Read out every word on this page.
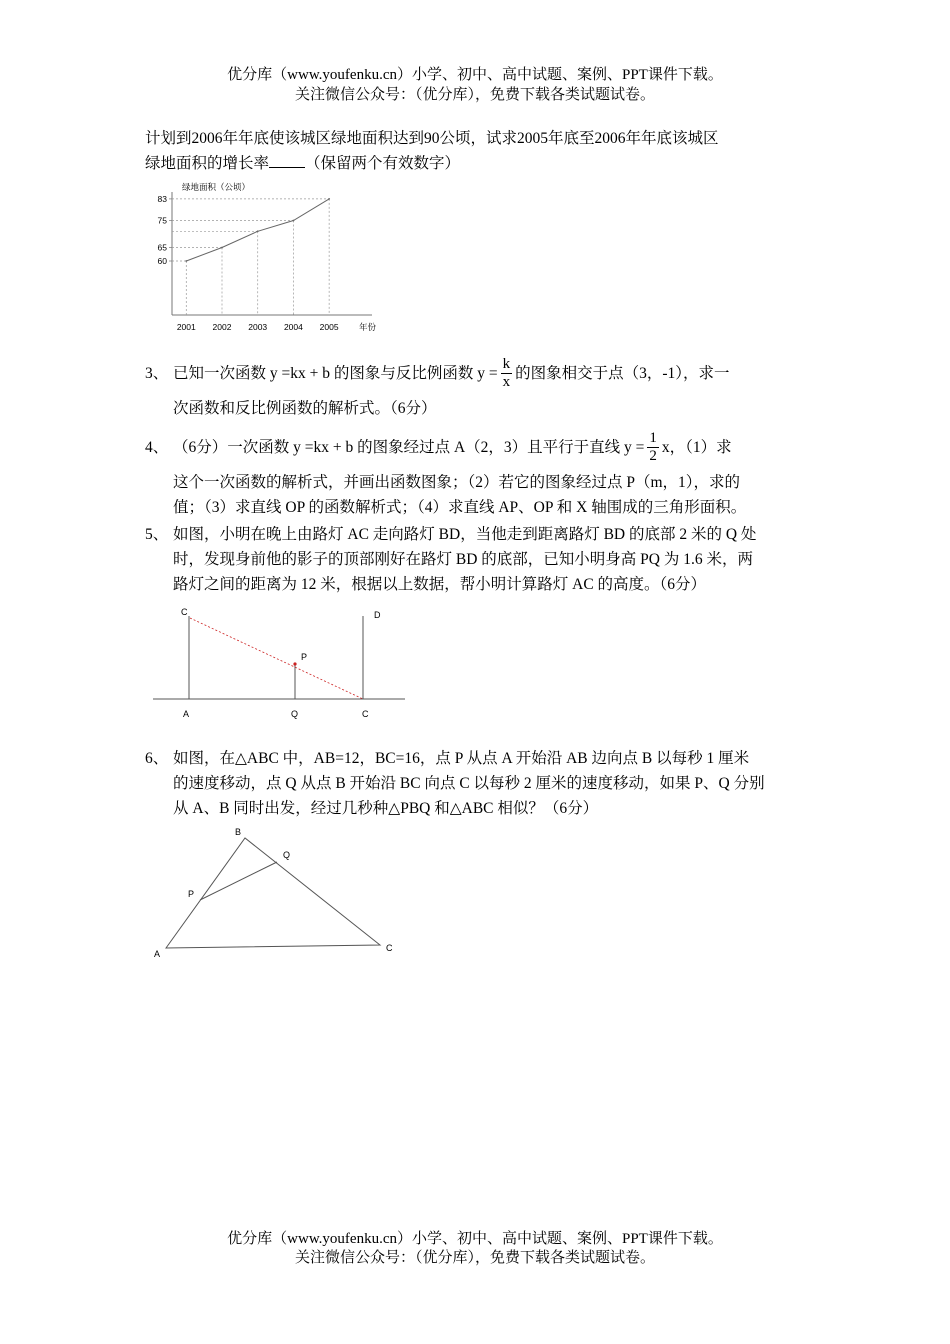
优分库（www.youfenku.cn）小学、初中、高中试题、案例、PPT课件下载。
关注微信公众号：（优分库），免费下载各类试题试卷。
计划到2006年年底使该城区绿地面积达到90公顷，试求2005年底至2006年年底该城区
绿地面积的增长率 （保留两个有效数字）
绿地面积（公顷）
年份
83
75
65
60
2001 2002 2003 2004 2005
3、 已知一次函数 y =kx + b 的图象与反比例函数 $y = \frac{k}{x}$ 的图象相交于点（3，-1），求一
次函数和反比例函数的解析式。（6分）
4、 （6分）一次函数 y =kx + b 的图象经过点 A（2，3）且平行于直线 $y = \frac{1}{2}$ x，（1）求
这个一次函数的解析式，并画出函数图象；（2）若它的图象经过点 P（m，1），求的
值；（3）求直线 OP 的函数解析式；（4）求直线 AP、OP 和 X 轴围成的三角形面积。
5、 如图，小明在晚上由路灯 AC 走向路灯 BD，当他走到距离路灯 BD 的底部 2 米的 Q 处
时，发现身前他的影子的顶部刚好在路灯 BD 的底部，已知小明身高 PQ 为 1.6 米，两
路灯之间的距离为 12 米，根据以上数据，帮小明计算路灯 AC 的高度。（6分）
C	D
P
A	Q	C
6、 如图，在△ABC 中，AB=12，BC=16，点 P 从点 A 开始沿 AB 边向点 B 以每秒 1 厘米
的速度移动，点 Q 从点 B 开始沿 BC 向点 C 以每秒 2 厘米的速度移动，如果 P、Q 分别
从 A、B 同时出发，经过几秒种△PBQ 和△ABC 相似？（6分）
B
Q
P
A
C
优分库（www.youfenku.cn）小学、初中、高中试题、案例、PPT课件下载。
关注微信公众号：（优分库），免费下载各类试题试卷。
